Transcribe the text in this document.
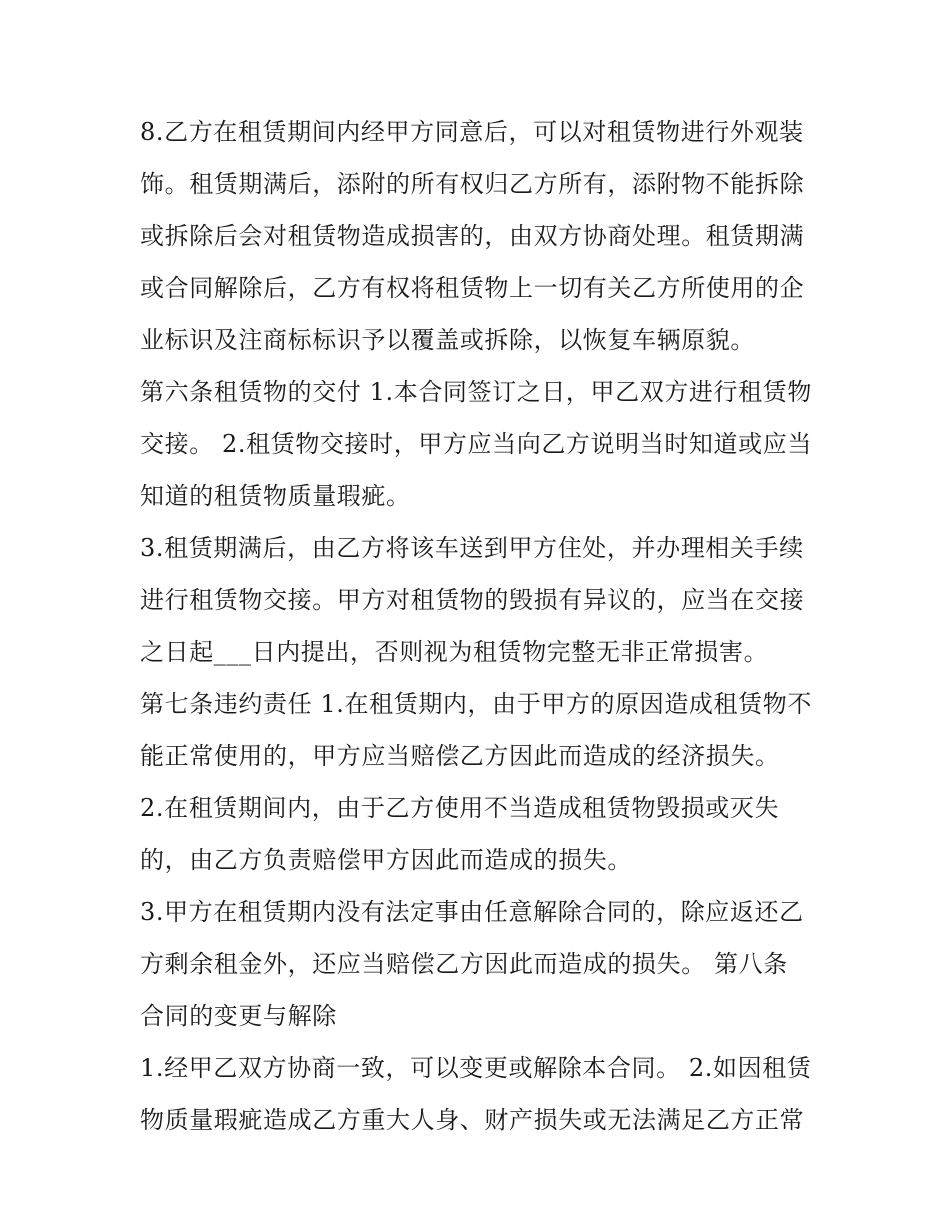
8.乙方在租赁期间内经甲方同意后，可以对租赁物进行外观装
饰。租赁期满后，添附的所有权归乙方所有，添附物不能拆除
或拆除后会对租赁物造成损害的，由双方协商处理。租赁期满
或合同解除后，乙方有权将租赁物上一切有关乙方所使用的企
业标识及注商标标识予以覆盖或拆除，以恢复车辆原貌。
第六条租赁物的交付 1.本合同签订之日，甲乙双方进行租赁物
交接。 2.租赁物交接时，甲方应当向乙方说明当时知道或应当
知道的租赁物质量瑕疵。
3.租赁期满后，由乙方将该车送到甲方住处，并办理相关手续
进行租赁物交接。甲方对租赁物的毁损有异议的，应当在交接
之日起___日内提出，否则视为租赁物完整无非正常损害。
第七条违约责任 1.在租赁期内，由于甲方的原因造成租赁物不
能正常使用的，甲方应当赔偿乙方因此而造成的经济损失。
2.在租赁期间内，由于乙方使用不当造成租赁物毁损或灭失
的，由乙方负责赔偿甲方因此而造成的损失。
3.甲方在租赁期内没有法定事由任意解除合同的，除应返还乙
方剩余租金外，还应当赔偿乙方因此而造成的损失。 第八条
合同的变更与解除
1.经甲乙双方协商一致，可以变更或解除本合同。 2.如因租赁
物质量瑕疵造成乙方重大人身、财产损失或无法满足乙方正常
